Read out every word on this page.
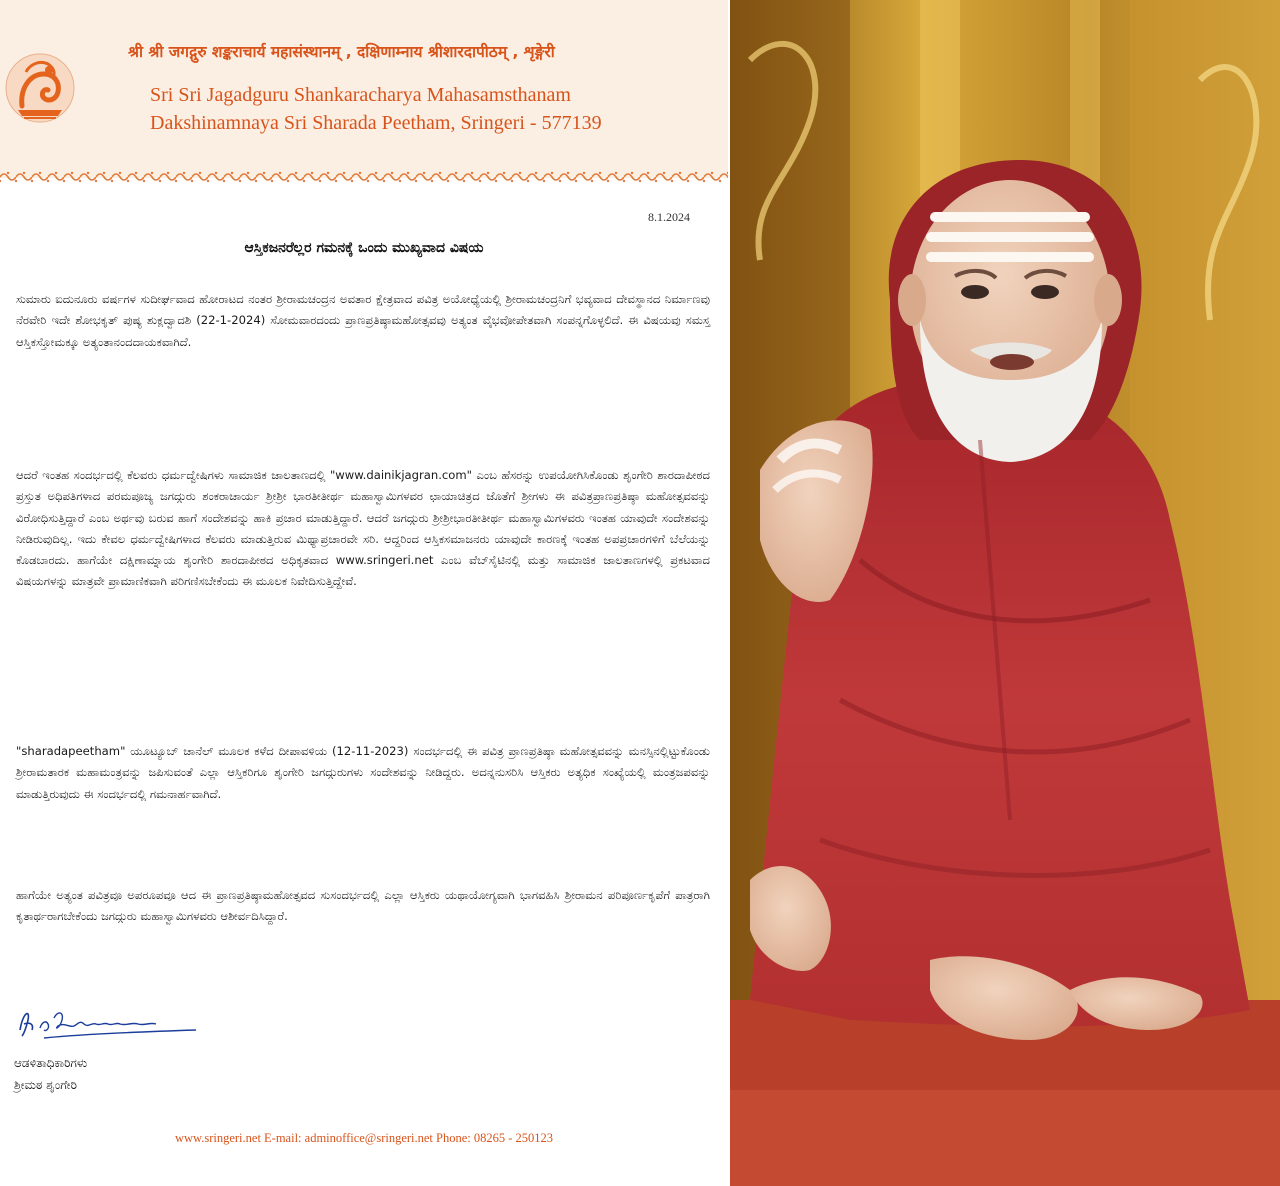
श्री श्री जगद्गुरु शङ्कराचार्य महासंस्थानम् , दक्षिणाम्नाय श्रीशारदापीठम् , शृङ्गेरी
Sri Sri Jagadguru Shankaracharya Mahasamsthanam
Dakshinamnaya Sri Sharada Peetham, Sringeri - 577139
8.1.2024
ಆಸ್ತಿಕಜನರೆಲ್ಲರ ಗಮನಕ್ಕೆ ಒಂದು ಮುಖ್ಯವಾದ ವಿಷಯ

ಸುಮಾರು ಐದುನೂರು ವರ್ಷಗಳ ಸುದೀರ್ಘವಾದ ಹೋರಾಟದ ನಂತರ ಶ್ರೀರಾಮಚಂದ್ರನ ಅವತಾರ ಕ್ಷೇತ್ರವಾದ ಪವಿತ್ರ ಅಯೋಧ್ಯೆಯಲ್ಲಿ ಶ್ರೀರಾಮಚಂದ್ರನಿಗೆ ಭವ್ಯವಾದ ದೇವಸ್ಥಾನದ ನಿರ್ಮಾಣವು ನೆರವೇರಿ ಇದೇ ಶೋಭಕೃತ್ ಪುಷ್ಯ ಶುಕ್ಲದ್ವಾದಶಿ (22-1-2024) ಸೋಮವಾರದಂದು ಪ್ರಾಣಪ್ರತಿಷ್ಠಾಮಹೋತ್ಸವವು ಅತ್ಯಂತ ವೈಭವೋಪೇತವಾಗಿ ಸಂಪನ್ನಗೊಳ್ಳಲಿದೆ. ಈ ವಿಷಯವು ಸಮಸ್ತ ಆಸ್ತಿಕಸ್ತೋಮಕ್ಕೂ ಅತ್ಯಂತಾನಂದದಾಯಕವಾಗಿದೆ.

ಆದರೆ ಇಂತಹ ಸಂದರ್ಭದಲ್ಲಿ ಕೆಲವರು ಧರ್ಮದ್ವೇಷಿಗಳು ಸಾಮಾಜಿಕ ಜಾಲತಾಣದಲ್ಲಿ "www.dainikjagran.com" ಎಂಬ ಹೆಸರನ್ನು ಉಪಯೋಗಿಸಿಕೊಂಡು ಶೃಂಗೇರಿ ಶಾರದಾಪೀಠದ ಪ್ರಸ್ತುತ ಅಧಿಪತಿಗಳಾದ ಪರಮಪೂಜ್ಯ ಜಗದ್ಗುರು ಶಂಕರಾಚಾರ್ಯ ಶ್ರೀಶ್ರೀ ಭಾರತೀತೀರ್ಥ ಮಹಾಸ್ವಾಮಿಗಳವರ ಛಾಯಾಚಿತ್ರದ ಜೊತೆಗೆ ಶ್ರೀಗಳು ಈ ಪವಿತ್ರಪ್ರಾಣಪ್ರತಿಷ್ಠಾ ಮಹೋತ್ಸವವನ್ನು ವಿರೋಧಿಸುತ್ತಿದ್ದಾರೆ ಎಂಬ ಅರ್ಥವು ಬರುವ ಹಾಗೆ ಸಂದೇಶವನ್ನು ಹಾಕಿ ಪ್ರಚಾರ ಮಾಡುತ್ತಿದ್ದಾರೆ. ಆದರೆ ಜಗದ್ಗುರು ಶ್ರೀಶ್ರೀಭಾರತೀತೀರ್ಥ ಮಹಾಸ್ವಾಮಿಗಳವರು ಇಂತಹ ಯಾವುದೇ ಸಂದೇಶವನ್ನು ನೀಡಿರುವುದಿಲ್ಲ. ಇದು ಕೇವಲ ಧರ್ಮದ್ವೇಷಿಗಳಾದ ಕೆಲವರು ಮಾಡುತ್ತಿರುವ ಮಿಥ್ಯಾಪ್ರಚಾರವೇ ಸರಿ. ಆದ್ದರಿಂದ ಆಸ್ತಿಕಸಮಾಜನರು ಯಾವುದೇ ಕಾರಣಕ್ಕೆ ಇಂತಹ ಅಪಪ್ರಚಾರಗಳಿಗೆ ಬೆಲೆಯನ್ನು ಕೊಡಬಾರದು. ಹಾಗೆಯೇ ದಕ್ಷಿಣಾಮ್ನಾಯ ಶೃಂಗೇರಿ ಶಾರದಾಪೀಠದ ಅಧಿಕೃತವಾದ www.sringeri.net ಎಂಬ ವೆಬ್‌ಸೈಟಿನಲ್ಲಿ ಮತ್ತು ಸಾಮಾಜಿಕ ಜಾಲತಾಣಗಳಲ್ಲಿ ಪ್ರಕಟವಾದ ವಿಷಯಗಳನ್ನು ಮಾತ್ರವೇ ಪ್ರಾಮಾಣಿಕವಾಗಿ ಪರಿಗಣಿಸಬೇಕೆಂದು ಈ ಮೂಲಕ ನಿವೇದಿಸುತ್ತಿದ್ದೇವೆ.

"sharadapeetham" ಯೂಟ್ಯೂಬ್ ಚಾನೆಲ್ ಮೂಲಕ ಕಳೆದ ದೀಪಾವಳಿಯ (12-11-2023) ಸಂದರ್ಭದಲ್ಲಿ ಈ ಪವಿತ್ರ ಪ್ರಾಣಪ್ರತಿಷ್ಠಾ ಮಹೋತ್ಸವವನ್ನು ಮನಸ್ಸಿನಲ್ಲಿಟ್ಟುಕೊಂಡು ಶ್ರೀರಾಮತಾರಕ ಮಹಾಮಂತ್ರವನ್ನು ಜಪಿಸುವಂತೆ ಎಲ್ಲಾ ಆಸ್ತಿಕರಿಗೂ ಶೃಂಗೇರಿ ಜಗದ್ಗುರುಗಳು ಸಂದೇಶವನ್ನು ನೀಡಿದ್ದರು. ಅದನ್ನನುಸರಿಸಿ ಆಸ್ತಿಕರು ಅತ್ಯಧಿಕ ಸಂಖ್ಯೆಯಲ್ಲಿ ಮಂತ್ರಜಪವನ್ನು ಮಾಡುತ್ತಿರುವುದು ಈ ಸಂದರ್ಭದಲ್ಲಿ ಗಮನಾರ್ಹವಾಗಿದೆ.

ಹಾಗೆಯೇ ಅತ್ಯಂತ ಪವಿತ್ರವೂ ಅಪರೂಪವೂ ಆದ ಈ ಪ್ರಾಣಪ್ರತಿಷ್ಠಾಮಹೋತ್ಸವದ ಸುಸಂದರ್ಭದಲ್ಲಿ ಎಲ್ಲಾ ಆಸ್ತಿಕರು ಯಥಾಯೋಗ್ಯವಾಗಿ ಭಾಗವಹಿಸಿ ಶ್ರೀರಾಮನ ಪರಿಪೂರ್ಣಕೃಪೆಗೆ ಪಾತ್ರರಾಗಿ ಕೃತಾರ್ಥರಾಗಬೇಕೆಂದು ಜಗದ್ಗುರು ಮಹಾಸ್ವಾಮಿಗಳವರು ಆಶೀರ್ವದಿಸಿದ್ದಾರೆ.

ಆಡಳಿತಾಧಿಕಾರಿಗಳು
ಶ್ರೀಮಠ ಶೃಂಗೇರಿ
www.sringeri.net E-mail: adminoffice@sringeri.net Phone: 08265 - 250123
